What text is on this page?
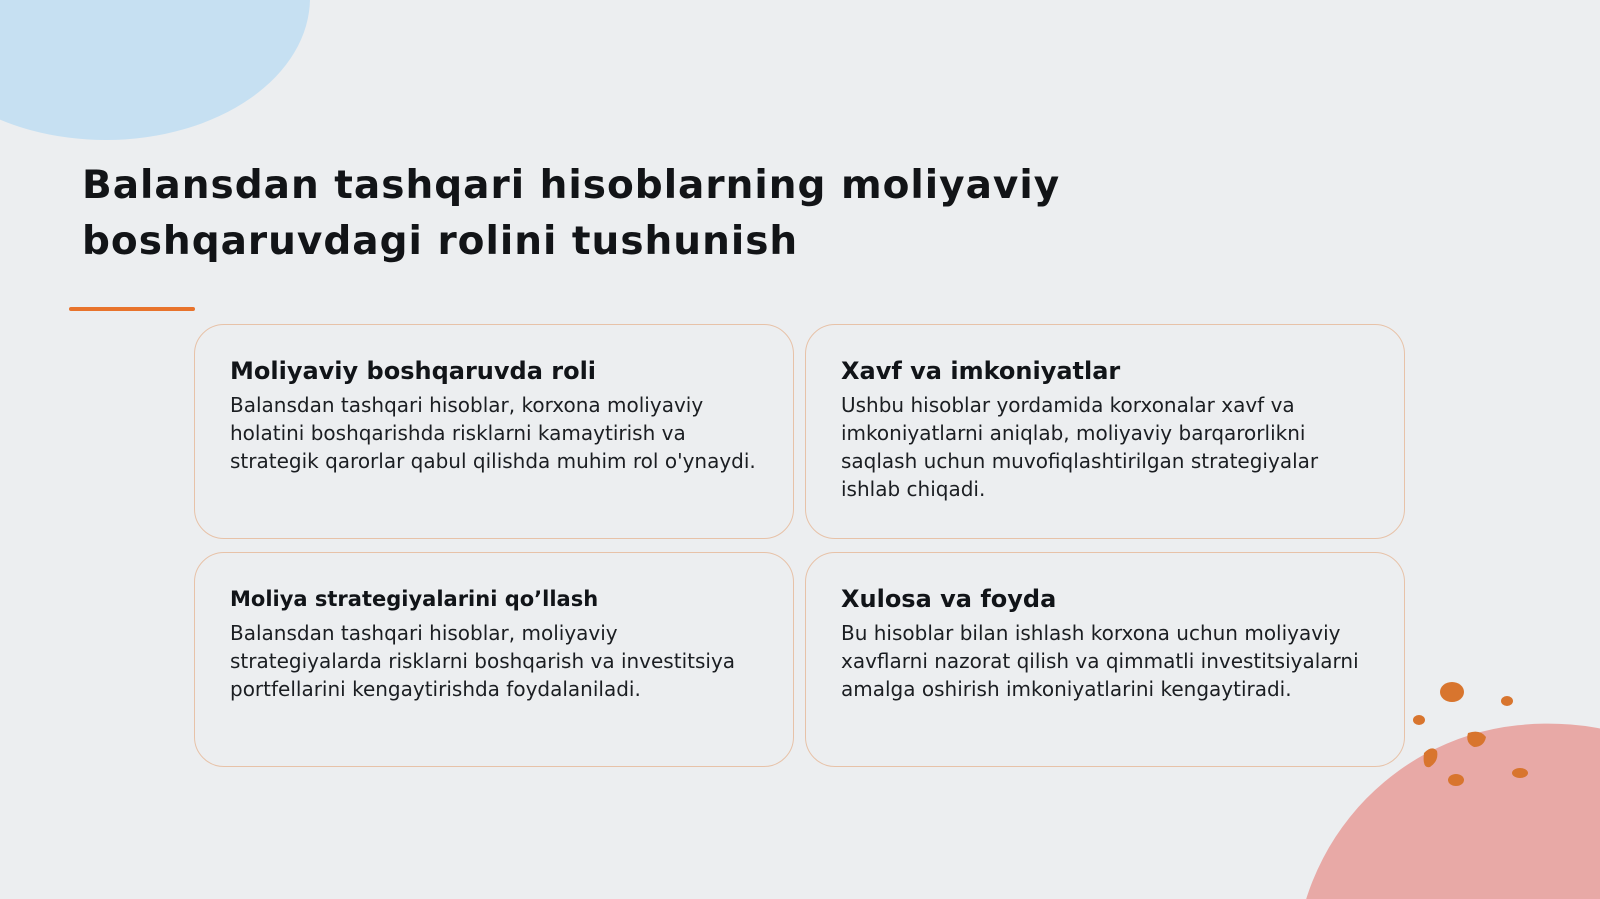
Balansdan tashqari hisoblarning moliyaviy boshqaruvdagi rolini tushunish
Moliyaviy boshqaruvda roli

Balansdan tashqari hisoblar, korxona moliyaviy holatini boshqarishda risklarni kamaytirish va strategik qarorlar qabul qilishda muhim rol o'ynaydi.

Xavf va imkoniyatlar

Ushbu hisoblar yordamida korxonalar xavf va imkoniyatlarni aniqlab, moliyaviy barqarorlikni saqlash uchun muvofiqlashtirilgan strategiyalar ishlab chiqadi.

Moliya strategiyalarini qo’llash

Balansdan tashqari hisoblar, moliyaviy strategiyalarda risklarni boshqarish va investitsiya portfellarini kengaytirishda foydalaniladi.

Xulosa va foyda

Bu hisoblar bilan ishlash korxona uchun moliyaviy xavflarni nazorat qilish va qimmatli investitsiyalarni amalga oshirish imkoniyatlarini kengaytiradi.
